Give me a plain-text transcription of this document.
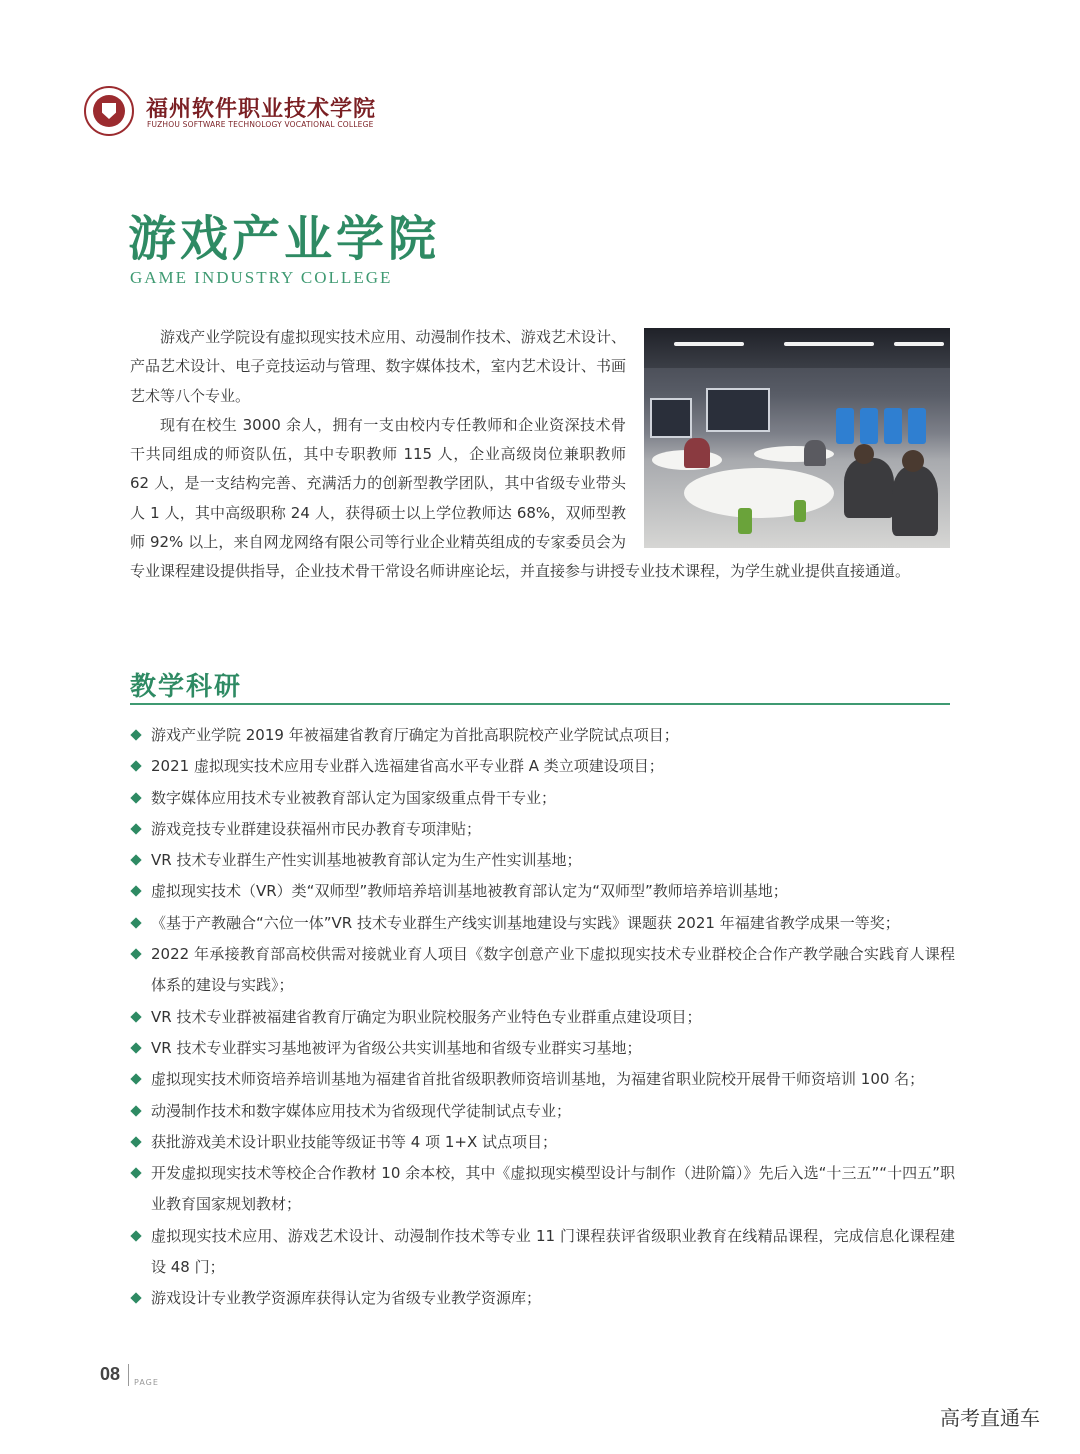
福州软件职业技术学院
FUZHOU SOFTWARE TECHNOLOGY VOCATIONAL COLLEGE
游戏产业学院
GAME INDUSTRY COLLEGE

游戏产业学院设有虚拟现实技术应用、动漫制作技术、游戏艺术设计、产品艺术设计、电子竞技运动与管理、数字媒体技术，室内艺术设计、书画艺术等八个专业。

现有在校生 3000 余人，拥有一支由校内专任教师和企业资深技术骨干共同组成的师资队伍，其中专职教师 115 人，企业高级岗位兼职教师 62 人，是一支结构完善、充满活力的创新型教学团队，其中省级专业带头人 1 人，其中高级职称 24 人，获得硕士以上学位教师达 68%，双师型教师 92% 以上，来自网龙网络有限公司等行业企业精英组成的专家委员会为专业课程建设提供指导，企业技术骨干常设名师讲座论坛，并直接参与讲授专业技术课程，为学生就业提供直接通道。

教学科研
游戏产业学院 2019 年被福建省教育厅确定为首批高职院校产业学院试点项目；
2021 虚拟现实技术应用专业群入选福建省高水平专业群 A 类立项建设项目；
数字媒体应用技术专业被教育部认定为国家级重点骨干专业；
游戏竞技专业群建设获福州市民办教育专项津贴；
VR 技术专业群生产性实训基地被教育部认定为生产性实训基地；
虚拟现实技术（VR）类“双师型”教师培养培训基地被教育部认定为“双师型”教师培养培训基地；
《基于产教融合“六位一体”VR 技术专业群生产线实训基地建设与实践》课题获 2021 年福建省教学成果一等奖；
2022 年承接教育部高校供需对接就业育人项目《数字创意产业下虚拟现实技术专业群校企合作产教学融合实践育人课程体系的建设与实践》；
VR 技术专业群被福建省教育厅确定为职业院校服务产业特色专业群重点建设项目；
VR 技术专业群实习基地被评为省级公共实训基地和省级专业群实习基地；
虚拟现实技术师资培养培训基地为福建省首批省级职教师资培训基地，为福建省职业院校开展骨干师资培训 100 名；
动漫制作技术和数字媒体应用技术为省级现代学徒制试点专业；
获批游戏美术设计职业技能等级证书等 4 项 1+X 试点项目；
开发虚拟现实技术等校企合作教材 10 余本校，其中《虚拟现实模型设计与制作（进阶篇）》先后入选“十三五”“十四五”职业教育国家规划教材；
虚拟现实技术应用、游戏艺术设计、动漫制作技术等专业 11 门课程获评省级职业教育在线精品课程，完成信息化课程建设 48 门；
游戏设计专业教学资源库获得认定为省级专业教学资源库；
08 PAGE
高考直通车
